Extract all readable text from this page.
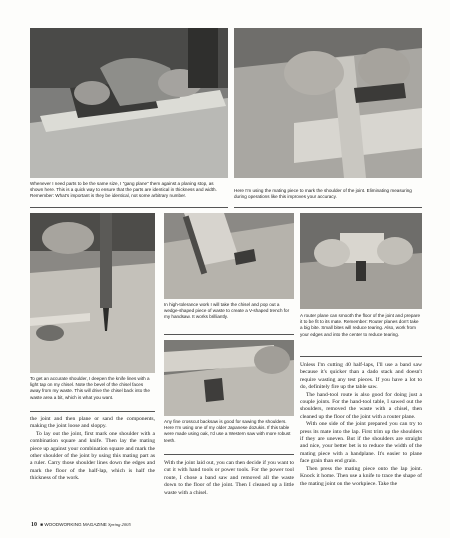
Whenever I need parts to be the same size, I "gang plane" them against a planing stop, as shown here. This is a quick way to ensure that the parts are identical in thickness and width. Remember: What's important is they be identical, not some arbitrary number.
Here I'm using the mating piece to mark the shoulder of the joint. Eliminating measuring during operations like this improves your accuracy.
To get an accurate shoulder, I deepen the knife lines with a light tap on my chisel. Note the bevel of the chisel faces away from my waste. This will drive the chisel back into the waste area a bit, which is what you want.
In high-tolerance work I will take the chisel and pop out a wedge-shaped piece of waste to create a V-shaped trench for my handsaw. It works brilliantly.	A router plane can smooth the floor of the joint and prepare it to be fit to its mate. Remember: Router planes don't take a big bite. Small bites will reduce tearing. Also, work from your edges and into the center to reduce tearing.
Any fine crosscut backsaw is good for sawing the shoulders. Here I'm using one of my older Japanese dozukis. If this table were made using oak, I'd use a Western saw with more robust teeth.

the joint and then plane or sand the components, making the joint loose and sloppy.

To lay out the joint, first mark one shoulder with a combination square and knife. Then lay the mating piece up against your combination square and mark the other shoulder of the joint by using this mating part as a ruler. Carry those shoulder lines down the edges and mark the floor of the half-lap, which is half the thickness of the work.

With the joint laid out, you can then decide if you want to cut it with hand tools or power tools. For the power tool route, I chose a band saw and removed all the waste down to the floor of the joint. Then I cleaned up a little waste with a chisel.

Unless I'm cutting 40 half-laps, I'll use a band saw because it's quicker than a dado stack and doesn't require wasting any test pieces. If you have a lot to do, definitely fire up the table saw.

The hand-tool route is also good for doing just a couple joints. For the hand-tool table, I sawed out the shoulders, removed the waste with a chisel, then cleaned up the floor of the joint with a router plane.

With one side of the joint prepared you can try to press its mate into the lap. First trim up the shoulders if they are uneven. But if the shoulders are straight and nice, your better bet is to reduce the width of the mating piece with a handplane. It's easier to plane face grain than end grain.

Then press the mating piece onto the lap joint. Knock it home. Then use a knife to trace the shape of the mating joint on the workpiece. Take the

10 ■ WOODWORKING MAGAZINE Spring 2005
